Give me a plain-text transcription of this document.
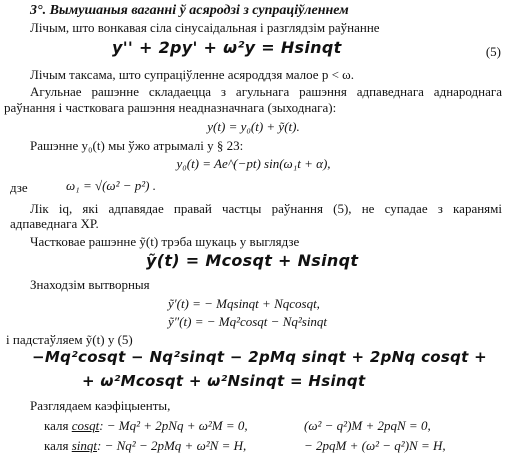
3°. Вымушаныя ваганні ў асяродзі з супраціўленнем
Лічым, што вонкавая сіла сінусаідальная і разглядзім раўнанне
y'' + 2py' + ω²y = Hsinqt	(5)
Лічым таксама, што супраціўленне асяроддзя малое p < ω.
Агульнае рашэнне складаецца з агульнага рашэння адпаведнага аднароднага
раўнання і частковага рашэння неадназначнага (зыходнага):
y(t) = y₀(t) + ỹ(t).
Рашэнне y₀(t) мы ўжо атрымалі у § 23:
y₀(t) = Ae^(−pt) sin(ω₁t + α),
дзе	ω₁ = √(ω² − p²) .
Лік iq, які адпавядае правай частцы раўнання (5), не супадае з каранямі
адпаведнага ХР.
Частковае рашэнне ỹ(t) трэба шукаць у выглядзе
ỹ(t) = Mcosqt + Nsinqt
Знаходзім вытворныя
ỹ′(t) = − Mqsinqt + Nqcosqt,
ỹ″(t) = − Mq²cosqt − Nq²sinqt
і падстаўляем ỹ(t) у (5)
−Mq²cosqt − Nq²sinqt − 2pMq sinqt + 2pNq cosqt +
+ ω²Mcosqt + ω²Nsinqt = Hsinqt
Разглядаем каэфіцыенты,
каля cosqt: − Mq² + 2pNq + ω²M = 0,	(ω² − q²)M + 2pqN = 0,
каля sinqt: − Nq² − 2pMq + ω²N = H,	− 2pqM + (ω² − q²)N = H,
